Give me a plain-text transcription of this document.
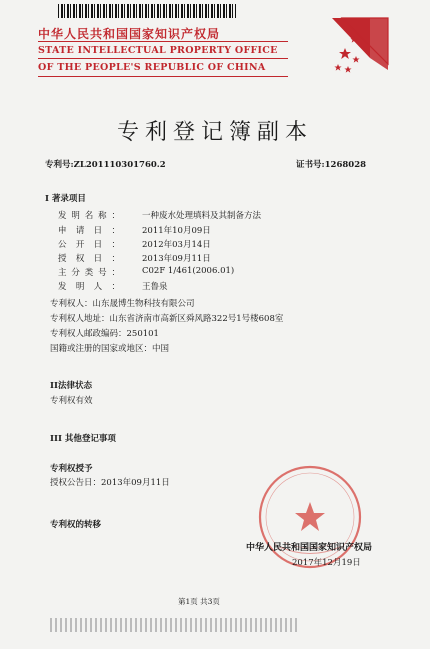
中华人民共和国国家知识产权局
STATE INTELLECTUAL PROPERTY OFFICE
OF THE PEOPLE'S REPUBLIC OF CHINA
专利登记簿副本
专利号:ZL201110301760.2	证书号:1268028
I 著录项目
发 明 名 称 ：	一种废水处理填料及其制备方法
申 请 日 ：	2011年10月09日
公 开 日 ：	2012年03月14日
授 权 日 ：	2013年09月11日
主 分 类 号 ：	C02F 1/461(2006.01)
发 明 人 ：	王鲁泉
专利权人：山东晟博生物科技有限公司
专利权人地址：山东省济南市高新区舜风路322号1号楼608室
专利权人邮政编码：250101
国籍或注册的国家或地区：中国
II法律状态
专利权有效
III 其他登记事项
专利权授予
授权公告日：2013年09月11日
专利权的转移
中华人民共和国国家知识产权局
2017年12月19日
第1页 共3页
